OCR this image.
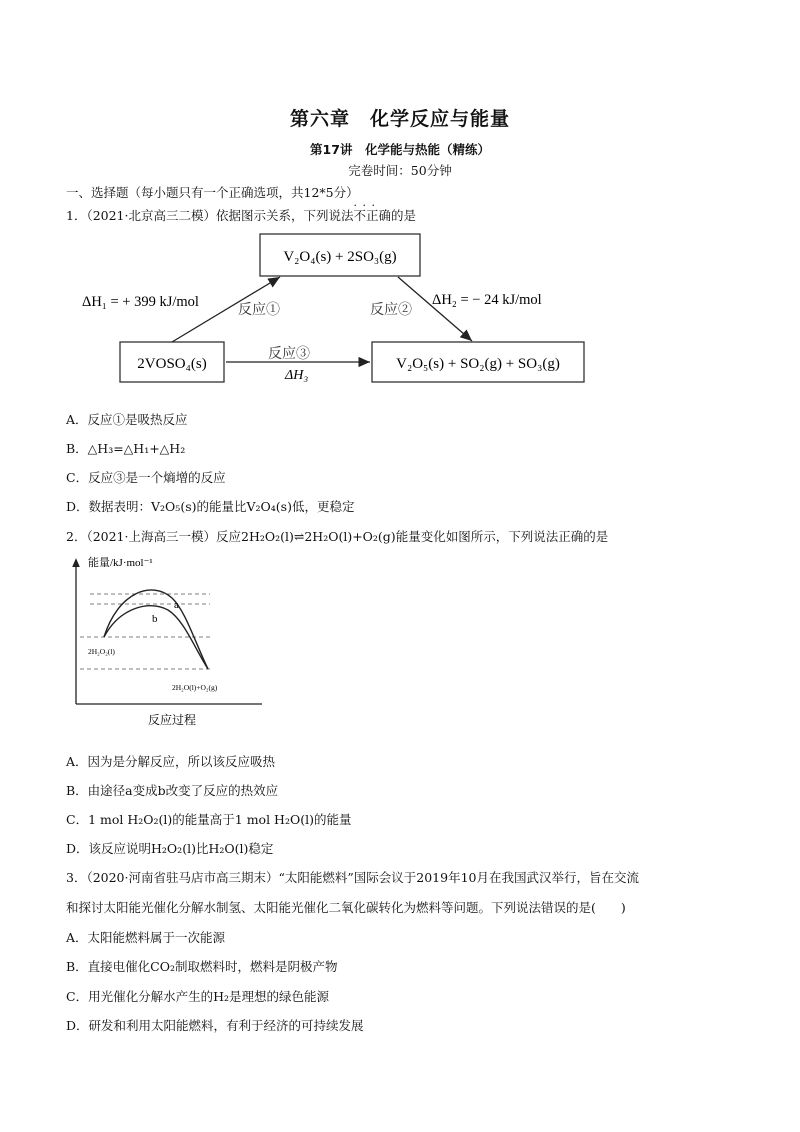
第六章　化学反应与能量
第17讲　化学能与热能（精练）
完卷时间：50分钟
一、选择题（每小题只有一个正确选项，共12*5分）
1．（2021·北京高三二模）依据图示关系，下列说法· · · 不正确的是
V₂O₄(s) + 2SO₃(g)
2VOSO₄(s)	V₂O₅(s) + SO₂(g) + SO₃(g)
ΔH₁ = + 399 kJ/mol
反应①	反应②
ΔH₂ = − 24 kJ/mol
反应③
ΔH₃
A．反应①是吸热反应
B．△H₃=△H₁+△H₂
C．反应③是一个熵增的反应
D．数据表明：V₂O₅(s)的能量比V₂O₄(s)低，更稳定
2．（2021·上海高三一模）反应2H₂O₂(l)⇌2H₂O(l)+O₂(g)能量变化如图所示，下列说法正确的是
能量/kJ·mol⁻¹
a
b
2H₂O₂(l)
2H₂O(l)+O₂(g)
反应过程
A．因为是分解反应，所以该反应吸热
B．由途径a变成b改变了反应的热效应
C．1 mol H₂O₂(l)的能量高于1 mol H₂O(l)的能量
D．该反应说明H₂O₂(l)比H₂O(l)稳定
3．（2020·河南省驻马店市高三期末）“太阳能燃料”国际会议于2019年10月在我国武汉举行，旨在交流
和探讨太阳能光催化分解水制氢、太阳能光催化二氧化碳转化为燃料等问题。下列说法错误的是(　　)
A．太阳能燃料属于一次能源
B．直接电催化CO₂制取燃料时，燃料是阴极产物
C．用光催化分解水产生的H₂是理想的绿色能源
D．研发和利用太阳能燃料，有利于经济的可持续发展
